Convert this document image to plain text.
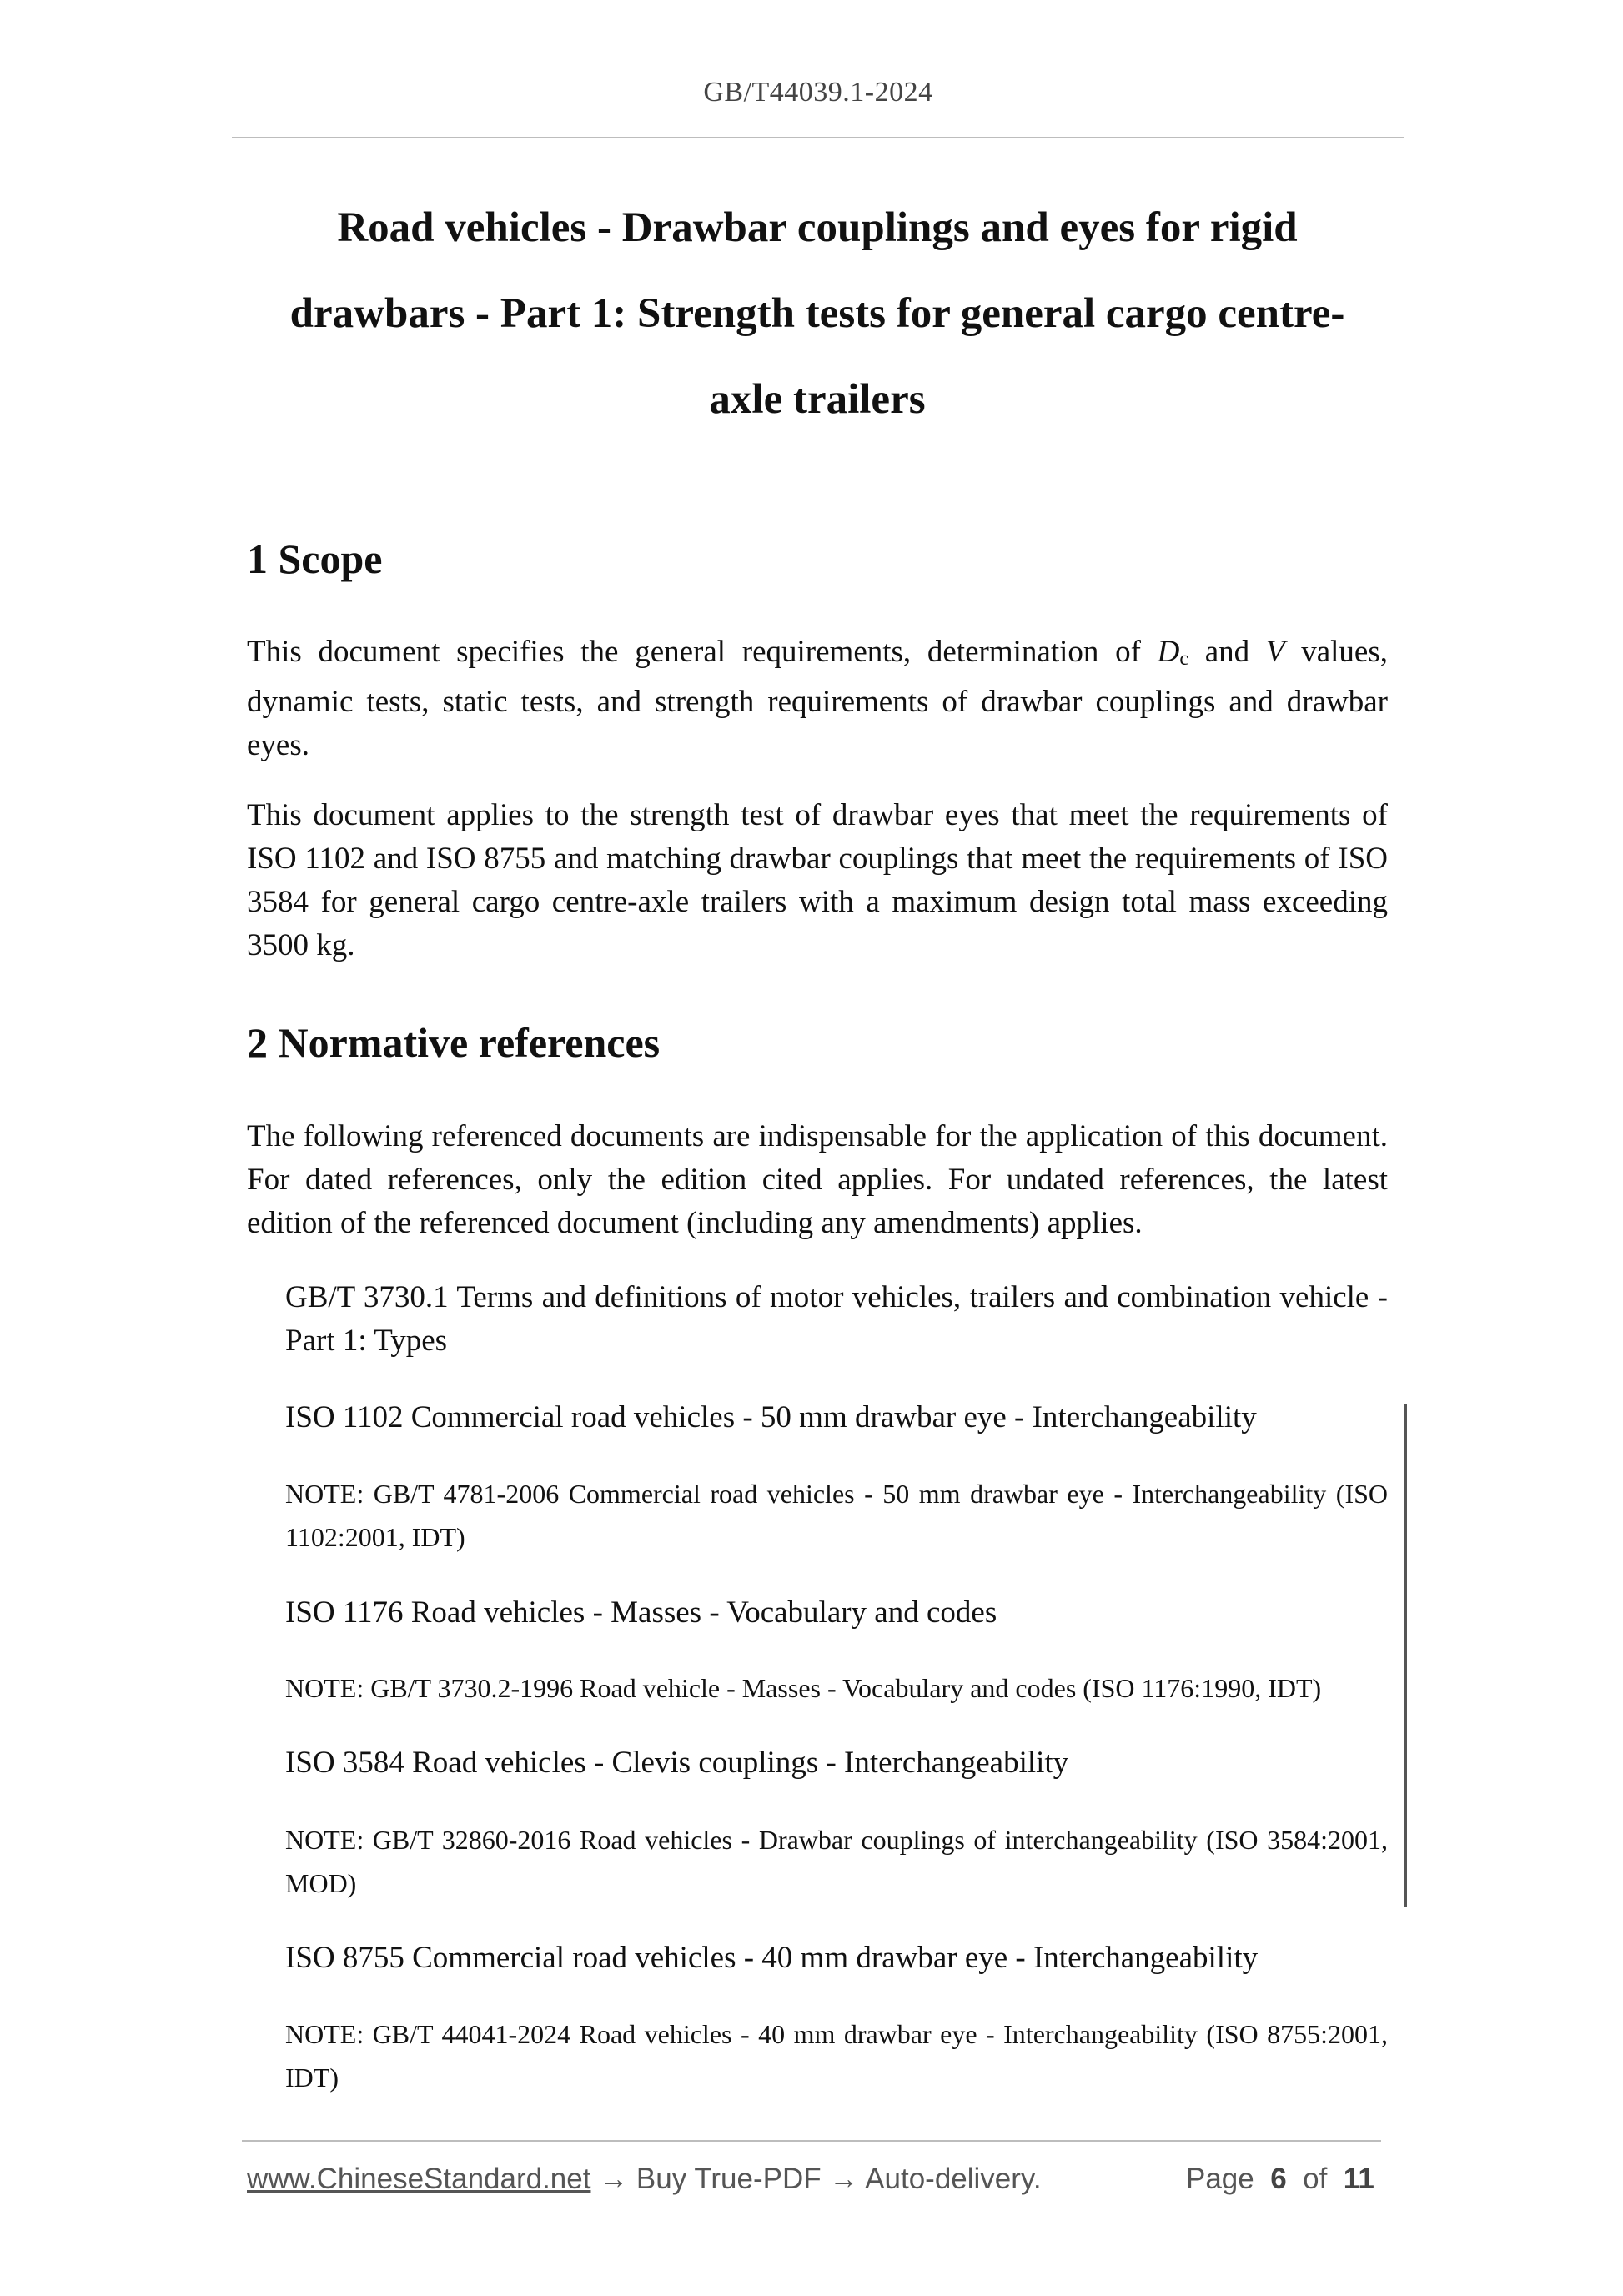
GB/T44039.1-2024
Road vehicles - Drawbar couplings and eyes for rigid
drawbars - Part 1: Strength tests for general cargo centre-
axle trailers
1 Scope

This document specifies the general requirements, determination of Dc and V values, dynamic tests, static tests, and strength requirements of drawbar couplings and drawbar eyes.

This document applies to the strength test of drawbar eyes that meet the requirements of ISO 1102 and ISO 8755 and matching drawbar couplings that meet the requirements of ISO 3584 for general cargo centre-axle trailers with a maximum design total mass exceeding 3500 kg.

2 Normative references

The following referenced documents are indispensable for the application of this document. For dated references, only the edition cited applies. For undated references, the latest edition of the referenced document (including any amendments) applies.

GB/T 3730.1 Terms and definitions of motor vehicles, trailers and combination vehicle - Part 1: Types

ISO 1102 Commercial road vehicles - 50 mm drawbar eye - Interchangeability

NOTE: GB/T 4781-2006 Commercial road vehicles - 50 mm drawbar eye - Interchangeability (ISO 1102:2001, IDT)

ISO 1176 Road vehicles - Masses - Vocabulary and codes

NOTE: GB/T 3730.2-1996 Road vehicle - Masses - Vocabulary and codes (ISO 1176:1990, IDT)

ISO 3584 Road vehicles - Clevis couplings - Interchangeability

NOTE: GB/T 32860-2016 Road vehicles - Drawbar couplings of interchangeability (ISO 3584:2001, MOD)

ISO 8755 Commercial road vehicles - 40 mm drawbar eye - Interchangeability

NOTE: GB/T 44041-2024 Road vehicles - 40 mm drawbar eye - Interchangeability (ISO 8755:2001, IDT)

www.ChineseStandard.net → Buy True-PDF → Auto-delivery.	Page 6 of 11
